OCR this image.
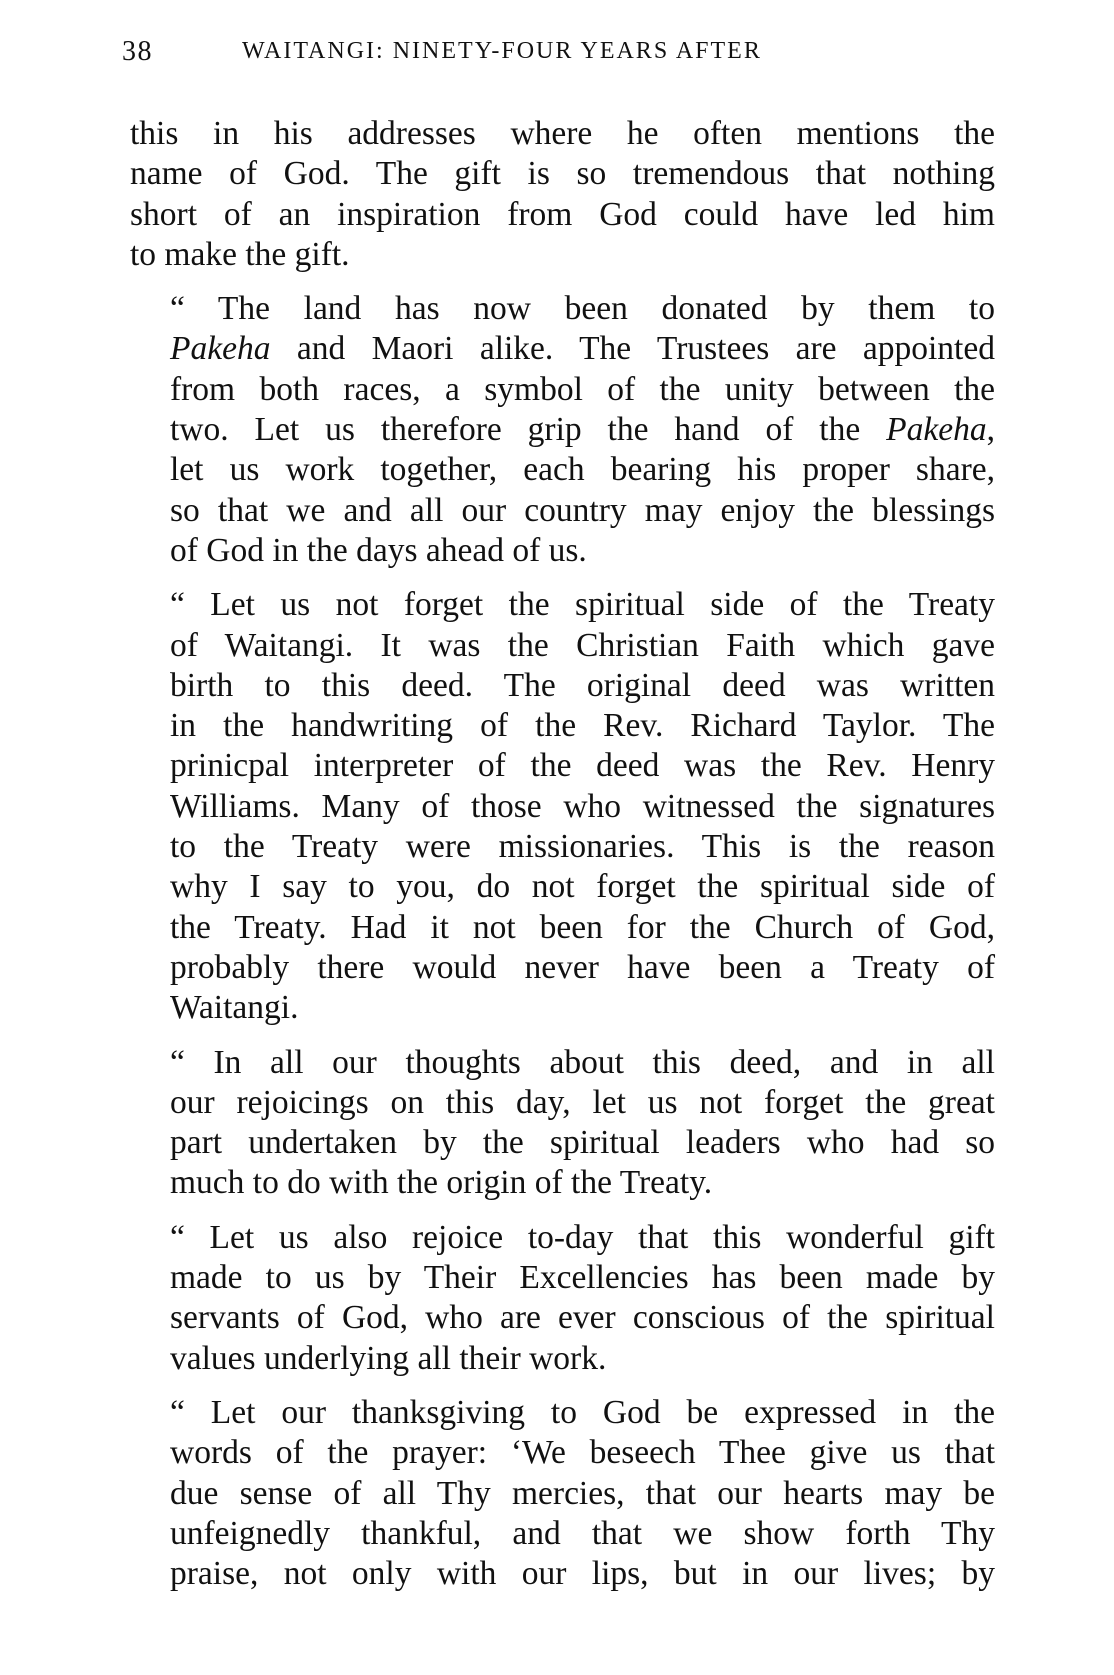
38	WAITANGI: NINETY-FOUR YEARS AFTER

this in his addresses where he often mentions the
name of God. The gift is so tremendous that nothing
short of an inspiration from God could have led him
to make the gift.

“ The land has now been donated by them to
Pakeha and Maori alike. The Trustees are appointed
from both races, a symbol of the unity between the
two. Let us therefore grip the hand of the Pakeha,
let us work together, each bearing his proper share,
so that we and all our country may enjoy the blessings
of God in the days ahead of us.

“ Let us not forget the spiritual side of the Treaty
of Waitangi. It was the Christian Faith which gave
birth to this deed. The original deed was written
in the handwriting of the Rev. Richard Taylor. The
prinicpal interpreter of the deed was the Rev. Henry
Williams. Many of those who witnessed the signatures
to the Treaty were missionaries. This is the reason
why I say to you, do not forget the spiritual side of
the Treaty. Had it not been for the Church of God,
probably there would never have been a Treaty of
Waitangi.

“ In all our thoughts about this deed, and in all
our rejoicings on this day, let us not forget the great
part undertaken by the spiritual leaders who had so
much to do with the origin of the Treaty.

“ Let us also rejoice to-day that this wonderful gift
made to us by Their Excellencies has been made by
servants of God, who are ever conscious of the spiritual
values underlying all their work.

“ Let our thanksgiving to God be expressed in the
words of the prayer: ‘We beseech Thee give us that
due sense of all Thy mercies, that our hearts may be
unfeignedly thankful, and that we show forth Thy
praise, not only with our lips, but in our lives; by
